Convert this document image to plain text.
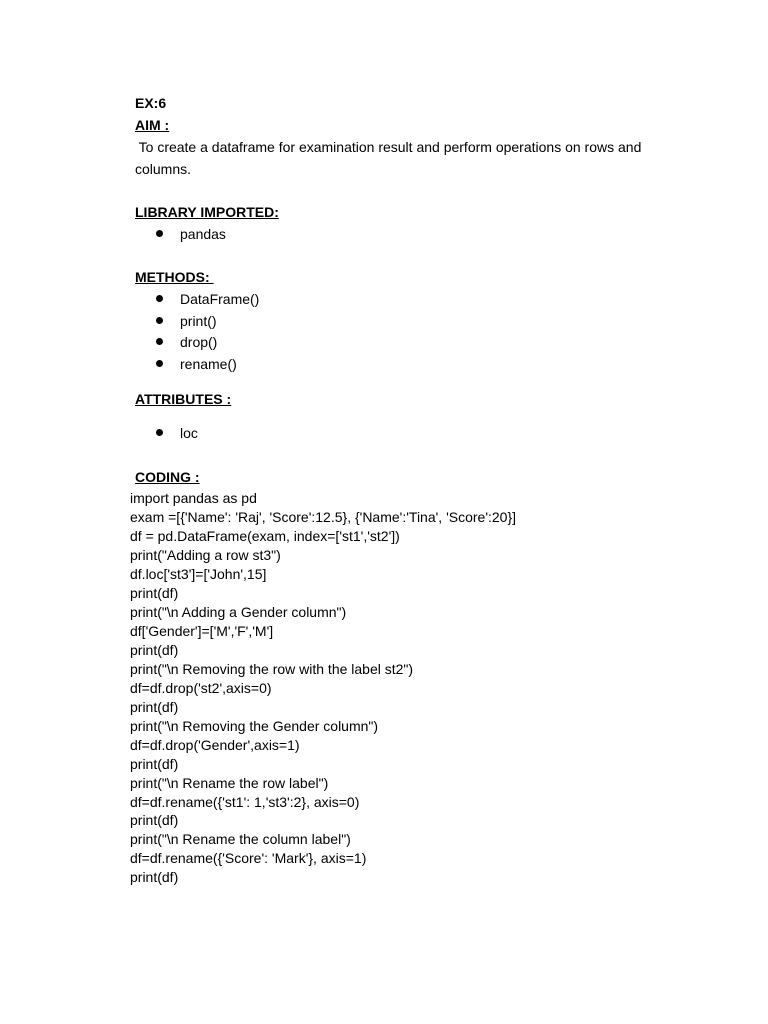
EX:6
AIM :
To create a dataframe for examination result and perform operations on rows and
columns.
LIBRARY IMPORTED:
pandas
METHODS:
DataFrame()
print()
drop()
rename()
ATTRIBUTES :
loc
CODING :
import pandas as pd
exam =[{'Name': 'Raj', 'Score':12.5}, {'Name':'Tina', 'Score':20}]
df = pd.DataFrame(exam, index=['st1','st2'])
print("Adding a row st3")
df.loc['st3']=['John',15]
print(df)
print("\n Adding a Gender column")
df['Gender']=['M','F','M']
print(df)
print("\n Removing the row with the label st2")
df=df.drop('st2',axis=0)
print(df)
print("\n Removing the Gender column")
df=df.drop('Gender',axis=1)
print(df)
print("\n Rename the row label")
df=df.rename({'st1': 1,'st3':2}, axis=0)
print(df)
print("\n Rename the column label")
df=df.rename({'Score': 'Mark'}, axis=1)
print(df)
